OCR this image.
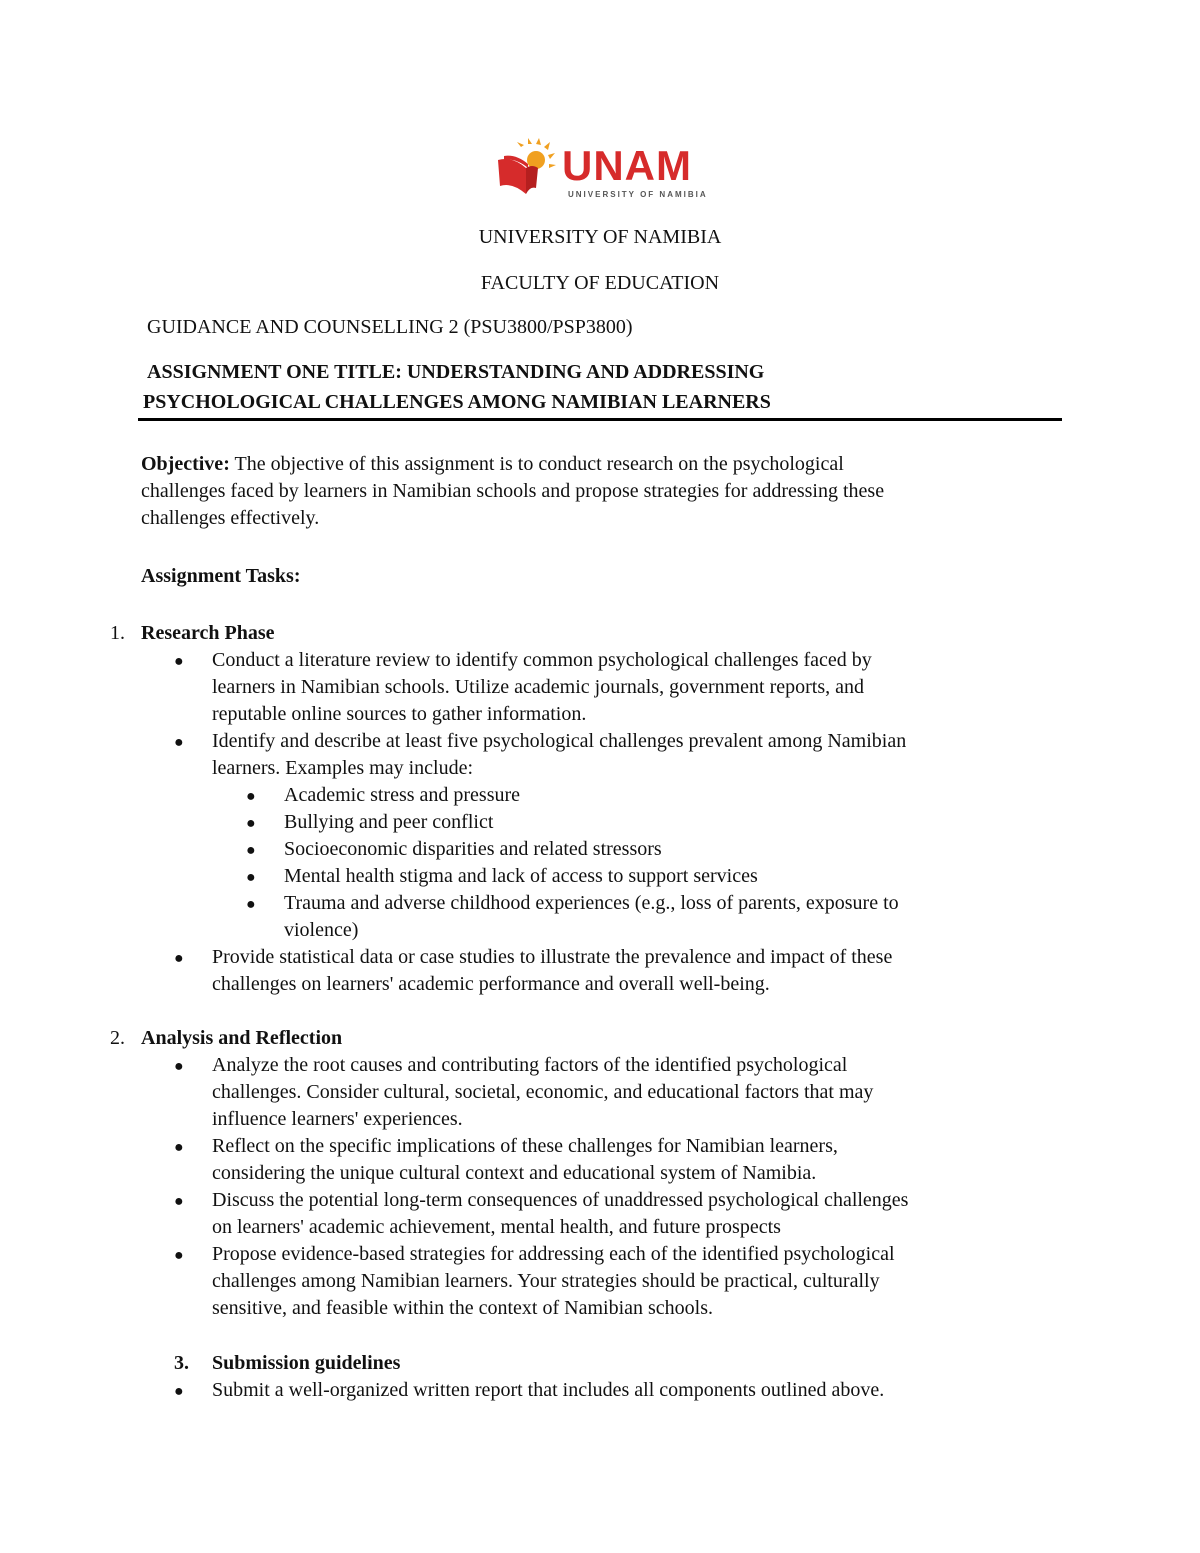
UNAM
UNIVERSITY OF NAMIBIA
UNIVERSITY OF NAMIBIA
FACULTY OF EDUCATION
GUIDANCE AND COUNSELLING 2 (PSU3800/PSP3800)
ASSIGNMENT ONE TITLE: UNDERSTANDING AND ADDRESSING
PSYCHOLOGICAL CHALLENGES AMONG NAMIBIAN LEARNERS
Objective: The objective of this assignment is to conduct research on the psychological
challenges faced by learners in Namibian schools and propose strategies for addressing these
challenges effectively.
Assignment Tasks:
1. Research Phase
● Conduct a literature review to identify common psychological challenges faced by
learners in Namibian schools. Utilize academic journals, government reports, and
reputable online sources to gather information.
● Identify and describe at least five psychological challenges prevalent among Namibian
learners. Examples may include:
● Academic stress and pressure
● Bullying and peer conflict
● Socioeconomic disparities and related stressors
● Mental health stigma and lack of access to support services
● Trauma and adverse childhood experiences (e.g., loss of parents, exposure to
violence)
● Provide statistical data or case studies to illustrate the prevalence and impact of these
challenges on learners' academic performance and overall well-being.
2. Analysis and Reflection
● Analyze the root causes and contributing factors of the identified psychological
challenges. Consider cultural, societal, economic, and educational factors that may
influence learners' experiences.
● Reflect on the specific implications of these challenges for Namibian learners,
considering the unique cultural context and educational system of Namibia.
● Discuss the potential long-term consequences of unaddressed psychological challenges
on learners' academic achievement, mental health, and future prospects
● Propose evidence-based strategies for addressing each of the identified psychological
challenges among Namibian learners. Your strategies should be practical, culturally
sensitive, and feasible within the context of Namibian schools.
3. Submission guidelines
● Submit a well-organized written report that includes all components outlined above.
